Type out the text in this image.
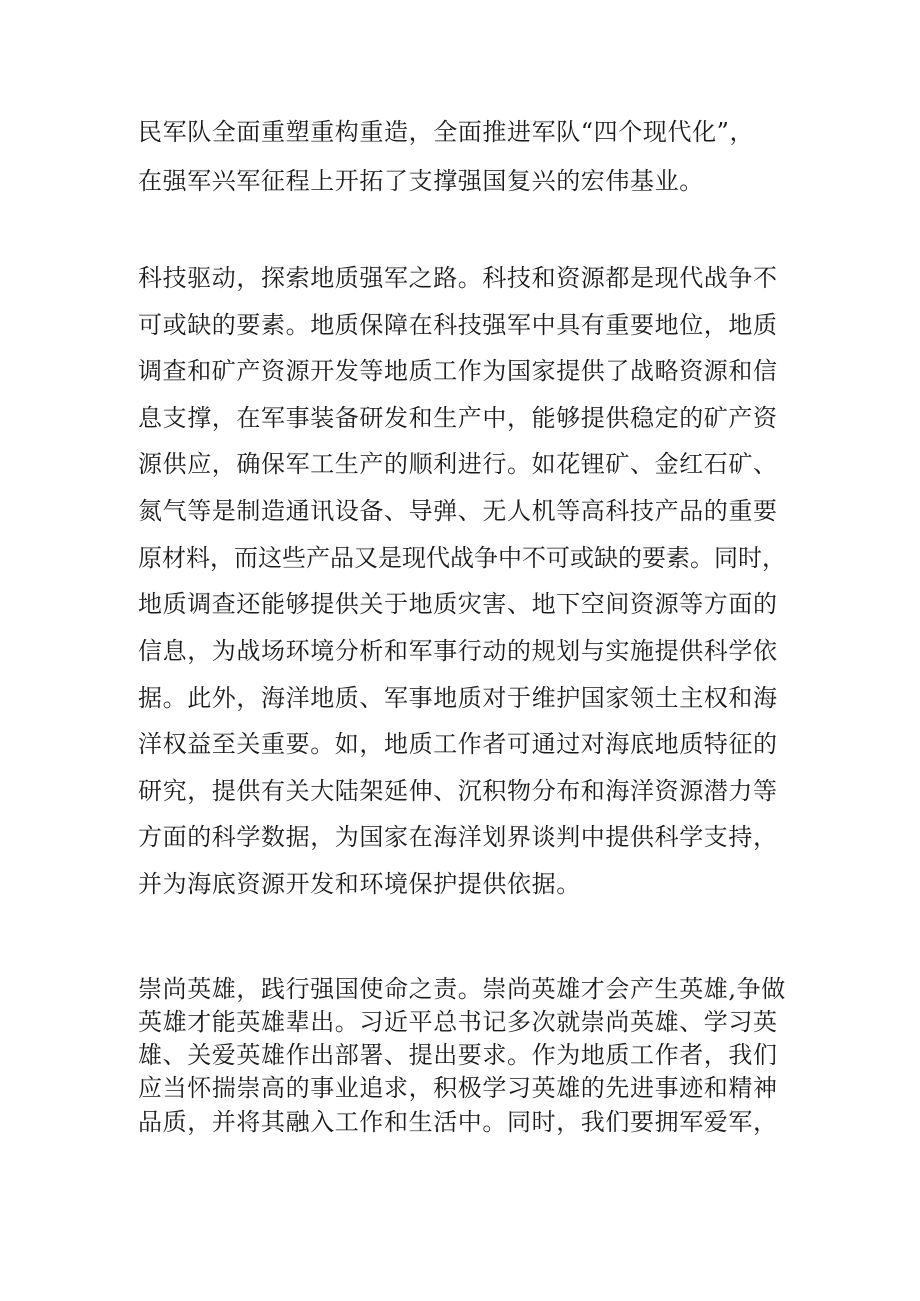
民军队全面重塑重构重造，全面推进军队“四个现代化”，
在强军兴军征程上开拓了支撑强国复兴的宏伟基业。
科技驱动，探索地质强军之路。科技和资源都是现代战争不
可或缺的要素。地质保障在科技强军中具有重要地位，地质
调查和矿产资源开发等地质工作为国家提供了战略资源和信
息支撑，在军事装备研发和生产中，能够提供稳定的矿产资
源供应，确保军工生产的顺利进行。如花锂矿、金红石矿、
氮气等是制造通讯设备、导弹、无人机等高科技产品的重要
原材料，而这些产品又是现代战争中不可或缺的要素。同时，
地质调查还能够提供关于地质灾害、地下空间资源等方面的
信息，为战场环境分析和军事行动的规划与实施提供科学依
据。此外，海洋地质、军事地质对于维护国家领土主权和海
洋权益至关重要。如，地质工作者可通过对海底地质特征的
研究，提供有关大陆架延伸、沉积物分布和海洋资源潜力等
方面的科学数据，为国家在海洋划界谈判中提供科学支持，
并为海底资源开发和环境保护提供依据。
崇尚英雄，践行强国使命之责。崇尚英雄才会产生英雄,争做
英雄才能英雄辈出。习近平总书记多次就崇尚英雄、学习英
雄、关爱英雄作出部署、提出要求。作为地质工作者，我们
应当怀揣崇高的事业追求，积极学习英雄的先进事迹和精神
品质，并将其融入工作和生活中。同时，我们要拥军爱军，
